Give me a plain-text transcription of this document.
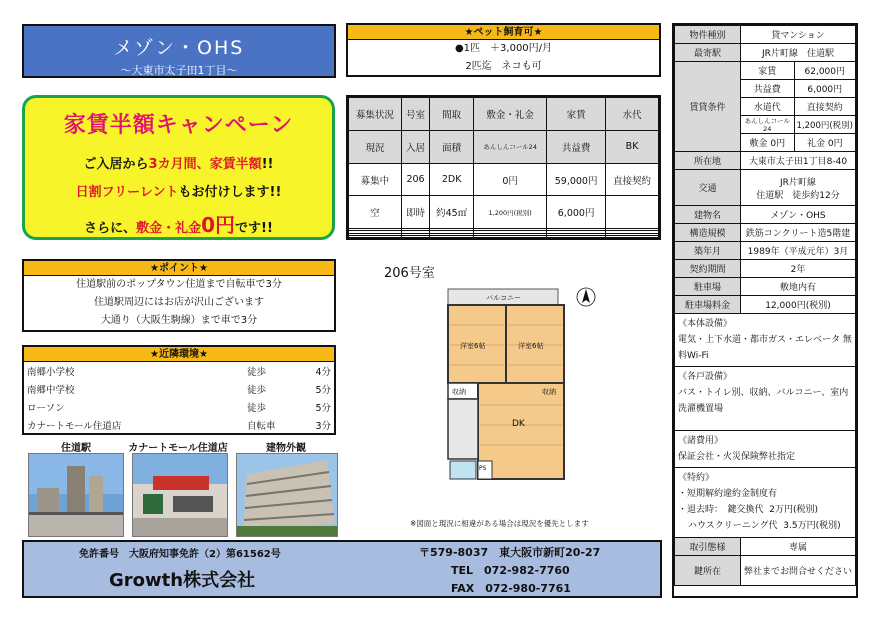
メゾン・OHS
〜大東市太子田1丁目〜
家賃半額キャンペーン
ご入居から3カ月間、家賃半額!!
日割フリーレントもお付けします!!
さらに、敷金・礼金0円です!!
★ポイント★
住道駅前のポップタウン住道まで自転車で3分
住道駅周辺にはお店が沢山ございます
大通り（大阪生駒線）まで車で3分
★近隣環境★
南郷小学校	徒歩	4分
南郷中学校	徒歩	5分
ローソン	徒歩	5分
カナートモール住道店	自転車	3分
住道駅	カナートモール住道店	建物外観
★ペット飼育可★
●1匹　＋3,000円/月
2匹迄　ネコも可
募集状況	号室	間取	敷金・礼金	家賃	水代
現況	入居	面積	あんしんコール24	共益費	BK
募集中	206	2DK	0円	59,000円	直接契約
空	即時	約45㎡	1,200円(税別)	6,000円	

206号室
バルコニー
洋室6帖	洋室6帖
収納	収納
DK
PS
※図面と現況に相違がある場合は現況を優先とします
物件種別	貸マンション	
最寄駅	JR片町線　住道駅	
賃貸条件	家賃	62,000円
	共益費	6,000円
	水道代	直接契約
	あんしんコール24	1,200円(税別)
	敷金 0円	礼金 0円
所在地	大東市太子田1丁目8-40	
交通	JR片町線
住道駅　徒歩約12分	

建物名	メゾン・OHS	
構造規模	鉄筋コンクリート造5階建	
築年月	1989年（平成元年）3月	
契約期間	2年	
駐車場	敷地内有	
駐車場料金	12,000円(税別)	

《本体設備》
電気・上下水道・都市ガス・エレベータ 無料Wi-Fi		

《各戸設備》
バス・トイレ別、収納、バルコニー、室内洗濯機置場		

《諸費用》
保証会社・火災保険弊社指定		

《特約》
・短期解約違約金制度有
・退去時：　鍵交換代 2万円(税別)
ハウスクリーニング代 3.5万円(税別)		

取引態様	専属	
鍵所在	弊社までお問合せください	
免許番号　大阪府知事免許（2）第61562号
Growth株式会社
〒579-8037　東大阪市新町20-27
TEL　072-982-7760
FAX　072-980-7761
